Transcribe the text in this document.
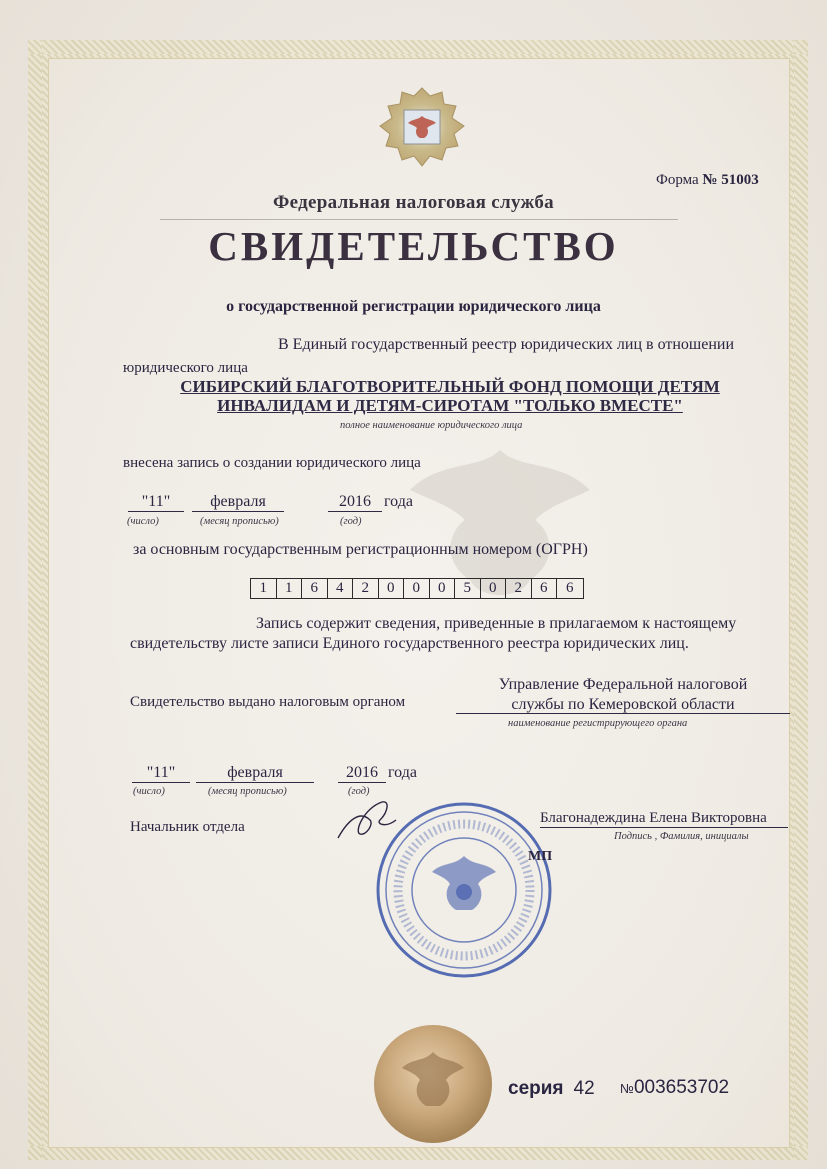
Форма № 51003
Федеральная налоговая служба
СВИДЕТЕЛЬСТВО
о государственной регистрации юридического лица
В Единый государственный реестр юридических лиц в отношении
юридического лица
СИБИРСКИЙ БЛАГОТВОРИТЕЛЬНЫЙ ФОНД ПОМОЩИ ДЕТЯМ
ИНВАЛИДАМ И ДЕТЯМ-СИРОТАМ "ТОЛЬКО ВМЕСТЕ"
полное наименование юридического лица
внесена запись о создании юридического лица
"11"	февраля	2016 года
(число)	(месяц прописью)	(год)
за основным государственным регистрационным номером (ОГРН)
1	1	6	4	2	0	0	0	5	0	2	6	6
Запись содержит сведения, приведенные в прилагаемом к настоящему свидетельству листе записи Единого государственного реестра юридических лиц.
Свидетельство выдано налоговым органом
Управление Федеральной налоговой
службы по Кемеровской области
наименование регистрирующего органа
"11"	февраля	2016 года
(число)	(месяц прописью)	(год)
Начальник отдела
Благонадеждина Елена Викторовна
Подпись , Фамилия, инициалы
МП
серия 42 №003653702
